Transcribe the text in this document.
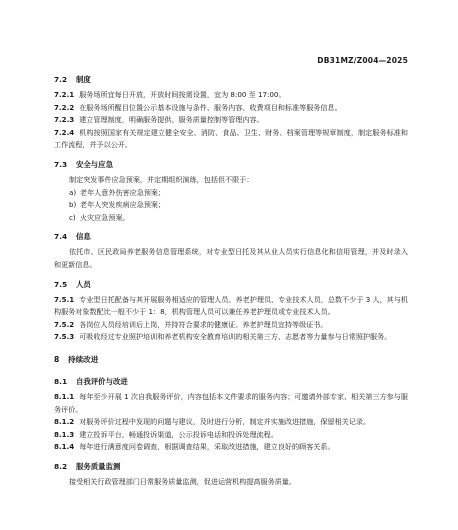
DB31MZ/Z004—2025
7.2 制度

7.2.1 服务场所宜每日开放，开放时间按需设置，宜为 8:00 至 17:00。

7.2.2 在服务场所醒目位置公示基本设施与条件、服务内容、收费项目和标准等服务信息。

7.2.3 建立管理制度，明确服务提供、服务质量控制等管理内容。

7.2.4 机构按照国家有关规定建立健全安全、消防、食品、卫生、财务、档案管理等规章制度，制定服务标准和工作流程，并予以公开。

7.3 安全与应急

制定突发事件应急预案，并定期组织演练，包括但不限于：

a) 老年人意外伤害应急预案；

b) 老年人突发疾病应急预案；

c) 火灾应急预案。

7.4 信息

依托市、区民政局养老服务信息管理系统，对专业型日托及其从业人员实行信息化和信用管理，并及时录入和更新信息。

7.5 人员

7.5.1 专业型日托配备与其开展服务相适应的管理人员、养老护理员、专业技术人员，总数不少于 3 人，其与机构服务对象数配比一般不少于 1：8，机构管理人员可以兼任养老护理员或专业技术人员。

7.5.2 各岗位人员经培训后上岗，并持符合要求的健康证。养老护理员宜持等级证书。

7.5.3 可吸收经过专业照护培训和养老机构安全教育培训的相关第三方、志愿者等力量参与日常照护服务。

8 持续改进
8.1 自我评价与改进

8.1.1 每年至少开展 1 次自我服务评价，内容包括本文件要求的服务内容；可邀请外部专家、相关第三方参与服务评价。

8.1.2 对服务评价过程中发现的问题与建议，及时进行分析，制定并实施改进措施，保留相关记录。

8.1.3 建立投诉平台，畅通投诉渠道，公示投诉电话和投诉处理流程。

8.1.4 每年进行满意度问卷调查，根据调查结果，采取改进措施，建立良好的顾客关系。

8.2 服务质量监测

接受相关行政管理部门日常服务质量监测，促进运营机构提高服务质量。
